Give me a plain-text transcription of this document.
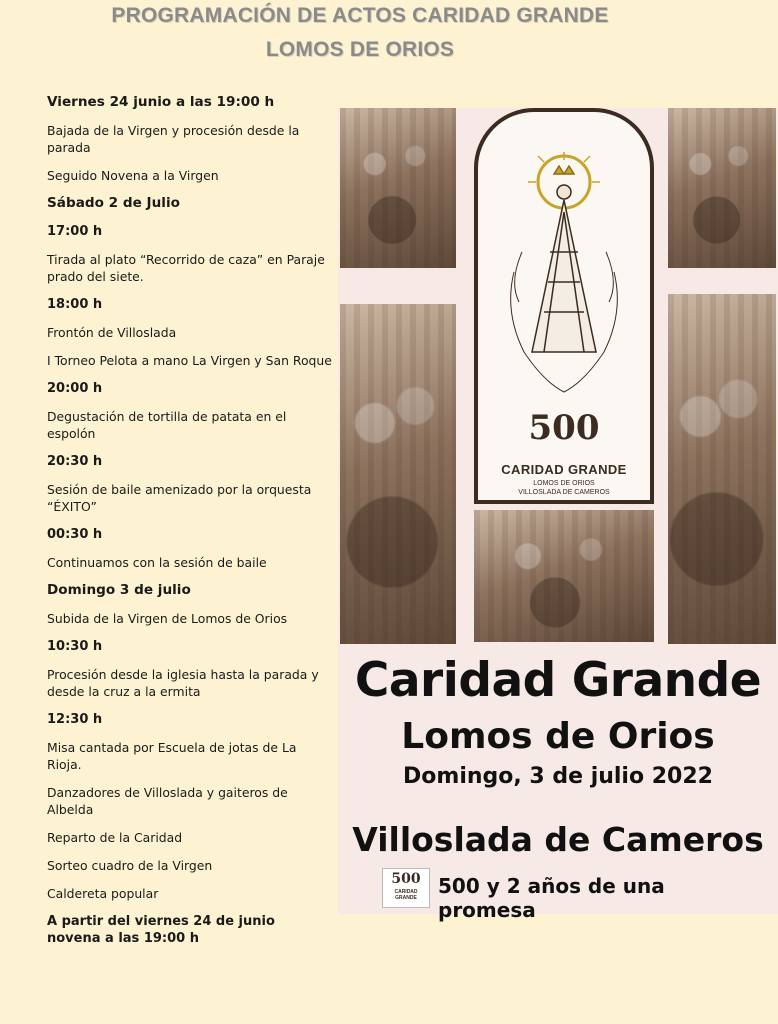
PROGRAMACIÓN DE ACTOS CARIDAD GRANDE
LOMOS DE ORIOS
Viernes 24 junio a las 19:00 h
Bajada de la Virgen y procesión desde la parada
Seguido Novena a la Virgen
Sábado 2 de Julio
17:00 h
Tirada al plato “Recorrido de caza” en Paraje prado del siete.
18:00 h
Frontón de Villoslada
I Torneo Pelota a mano La Virgen y San Roque
20:00 h
Degustación de tortilla de patata en el espolón
20:30 h
Sesión de baile amenizado por la orquesta “ÉXITO”
00:30 h
Continuamos con la sesión de baile
Domingo 3 de julio
Subida de la Virgen de Lomos de Orios
10:30 h
Procesión desde la iglesia hasta la parada y desde la cruz a la ermita
12:30 h
Misa cantada por Escuela de jotas de La Rioja.
Danzadores de Villoslada y gaiteros de Albelda
Reparto de la Caridad
Sorteo cuadro de la Virgen
Caldereta popular
A partir del viernes 24 de junio novena a las 19:00 h
500
CARIDAD GRANDE
LOMOS DE ORIOS
VILLOSLADA DE CAMEROS
Caridad Grande
Lomos de Orios
Domingo, 3 de julio 2022
Villoslada de Cameros
500
CARIDAD GRANDE	500 y 2 años de una promesa
